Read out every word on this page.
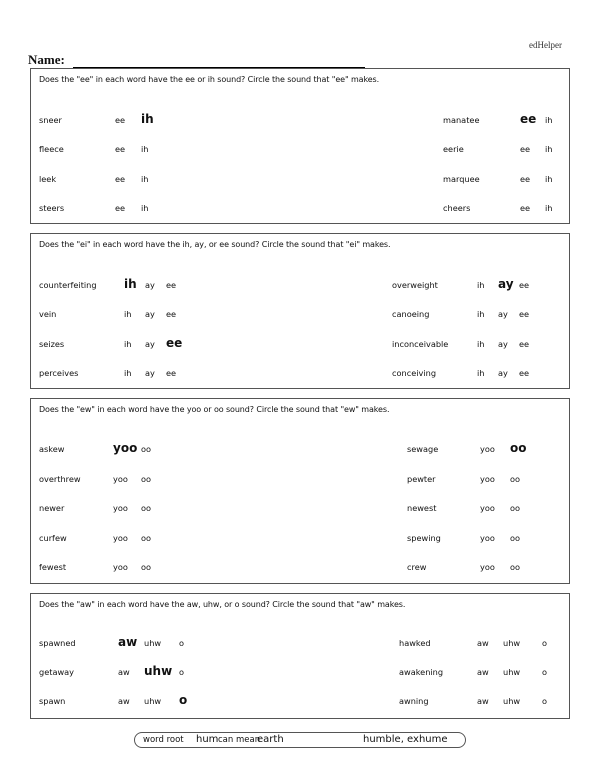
edHelper
Name:
Does the "ee" in each word have the ee or ih sound? Circle the sound that "ee" makes.
sneer	ee ih
fleece	ee ih
leek	ee ih
steers	ee ih
manatee	ee ih
eerie	ee ih
marquee	ee ih
cheers	ee ih
Does the "ei" in each word have the ih, ay, or ee sound? Circle the sound that "ei" makes.
counterfeiting ih ay ee
vein	ih ay ee
seizes	ih ay ee
perceives	ih ay ee
overweight	ih ay ee
canoeing	ih ay ee
inconceivable	ih ay ee
conceiving	ih ay ee
Does the "ew" in each word have the yoo or oo sound? Circle the sound that "ew" makes.
askew	yoo oo
overthrew	yoo oo
newer	yoo oo
curfew	yoo oo
fewest	yoo oo
sewage	yoo oo
pewter	yoo oo
newest	yoo oo
spewing	yoo oo
crew	yoo oo
Does the "aw" in each word have the aw, uhw, or o sound? Circle the sound that "aw" makes.
spawned	aw uhw o
getaway	aw uhw o
spawn	aw uhw o
hawked	aw uhw	o
awakening	aw uhw	o
awning	aw uhw	o
word root hum can mean
earth	humble, exhume
